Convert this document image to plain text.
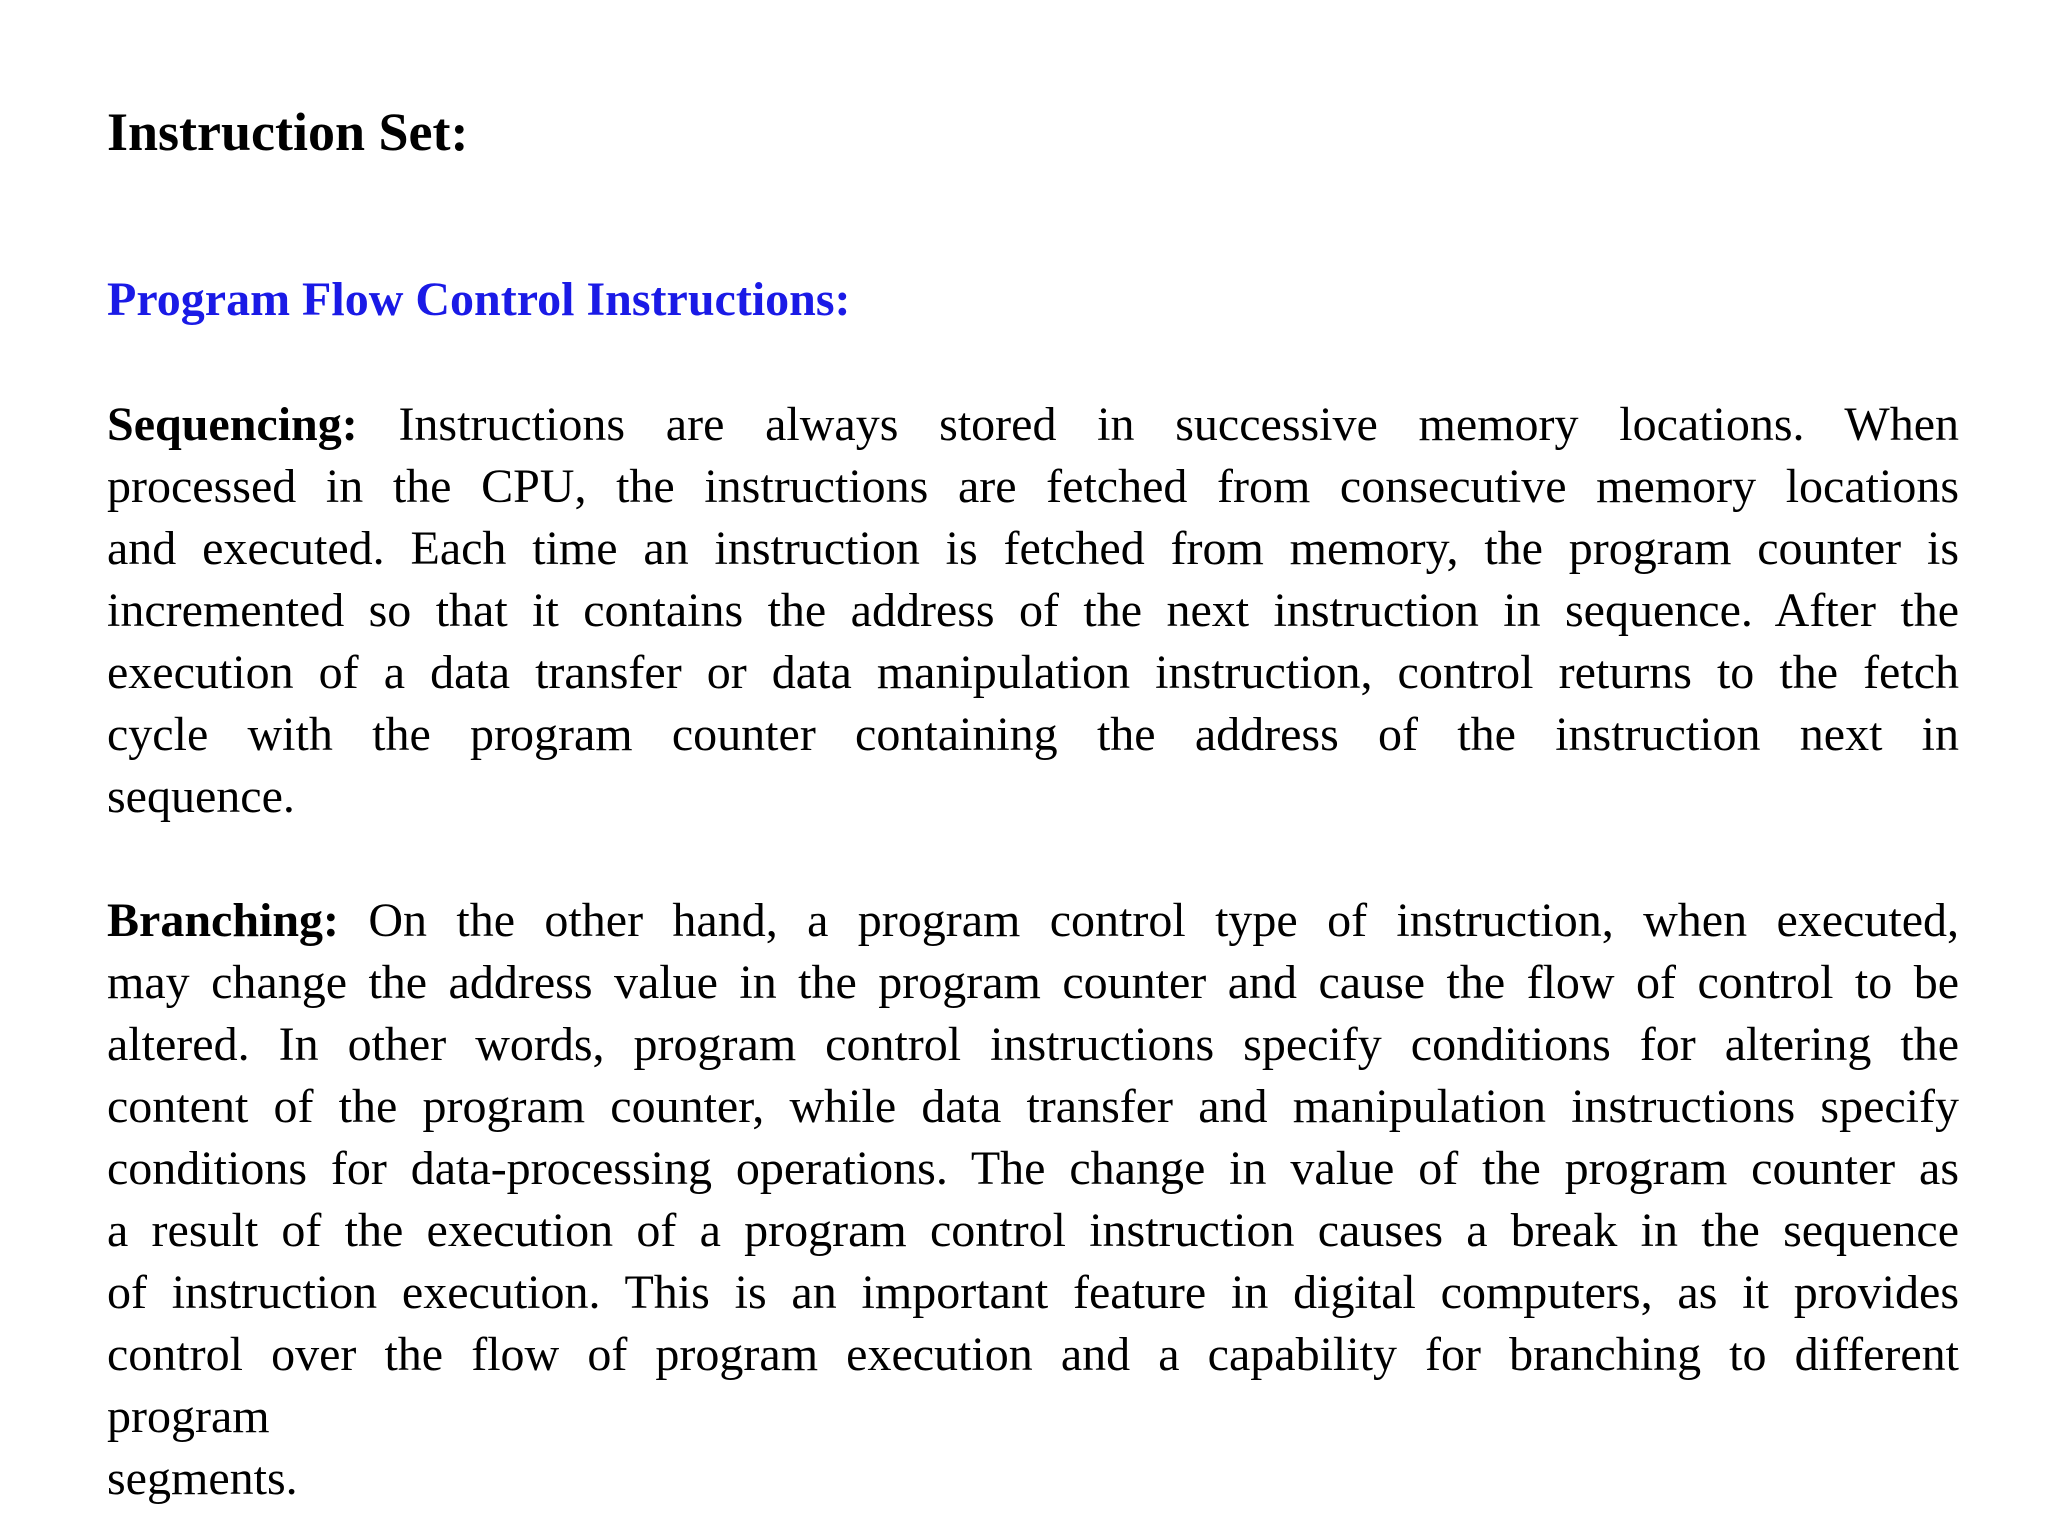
Instruction Set:
Program Flow Control Instructions:

Sequencing: Instructions are always stored in successive memory locations. When
processed in the CPU, the instructions are fetched from consecutive memory locations
and executed. Each time an instruction is fetched from memory, the program counter is
incremented so that it contains the address of the next instruction in sequence. After the
execution of a data transfer or data manipulation instruction, control returns to the fetch
cycle with the program counter containing the address of the instruction next in
sequence.

Branching: On the other hand, a program control type of instruction, when executed,
may change the address value in the program counter and cause the flow of control to be
altered. In other words, program control instructions specify conditions for altering the
content of the program counter, while data transfer and manipulation instructions specify
conditions for data-processing operations. The change in value of the program counter as
a result of the execution of a program control instruction causes a break in the sequence
of instruction execution. This is an important feature in digital computers, as it provides
control over the flow of program execution and a capability for branching to different
program
segments.
